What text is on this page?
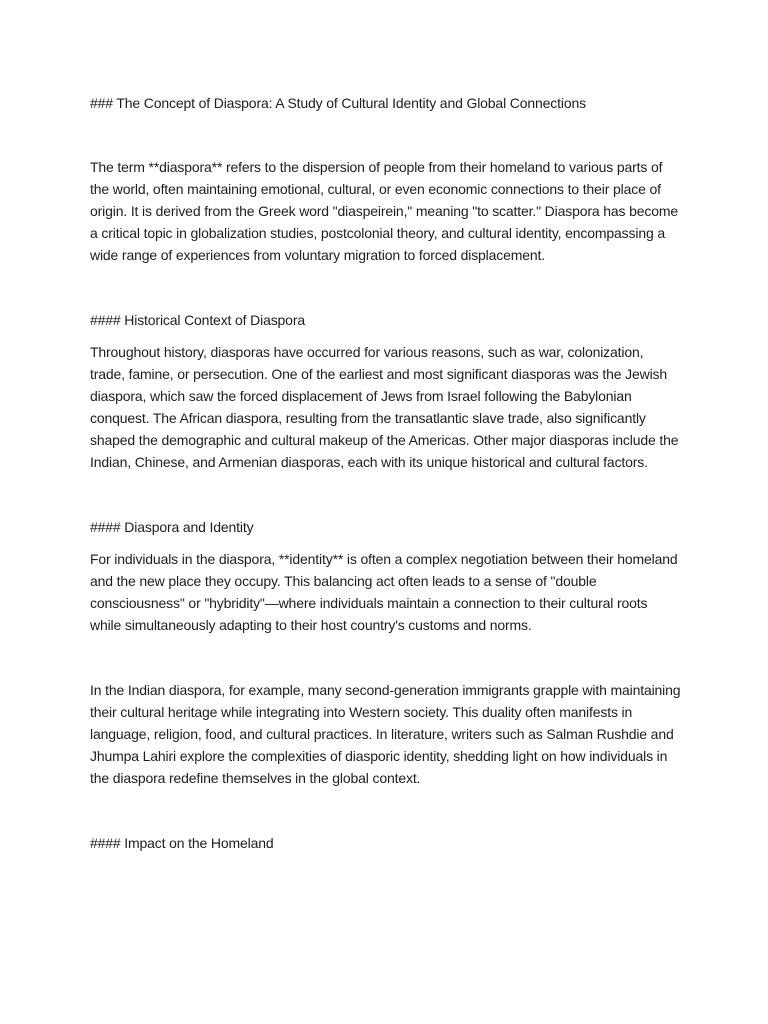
### The Concept of Diaspora: A Study of Cultural Identity and Global Connections

The term **diaspora** refers to the dispersion of people from their homeland to various parts of the world, often maintaining emotional, cultural, or even economic connections to their place of origin. It is derived from the Greek word "diaspeirein," meaning "to scatter." Diaspora has become a critical topic in globalization studies, postcolonial theory, and cultural identity, encompassing a wide range of experiences from voluntary migration to forced displacement.

#### Historical Context of Diaspora

Throughout history, diasporas have occurred for various reasons, such as war, colonization, trade, famine, or persecution. One of the earliest and most significant diasporas was the Jewish diaspora, which saw the forced displacement of Jews from Israel following the Babylonian conquest. The African diaspora, resulting from the transatlantic slave trade, also significantly shaped the demographic and cultural makeup of the Americas. Other major diasporas include the Indian, Chinese, and Armenian diasporas, each with its unique historical and cultural factors.

#### Diaspora and Identity

For individuals in the diaspora, **identity** is often a complex negotiation between their homeland and the new place they occupy. This balancing act often leads to a sense of "double consciousness" or "hybridity"—where individuals maintain a connection to their cultural roots while simultaneously adapting to their host country's customs and norms.

In the Indian diaspora, for example, many second-generation immigrants grapple with maintaining their cultural heritage while integrating into Western society. This duality often manifests in language, religion, food, and cultural practices. In literature, writers such as Salman Rushdie and Jhumpa Lahiri explore the complexities of diasporic identity, shedding light on how individuals in the diaspora redefine themselves in the global context.

#### Impact on the Homeland
